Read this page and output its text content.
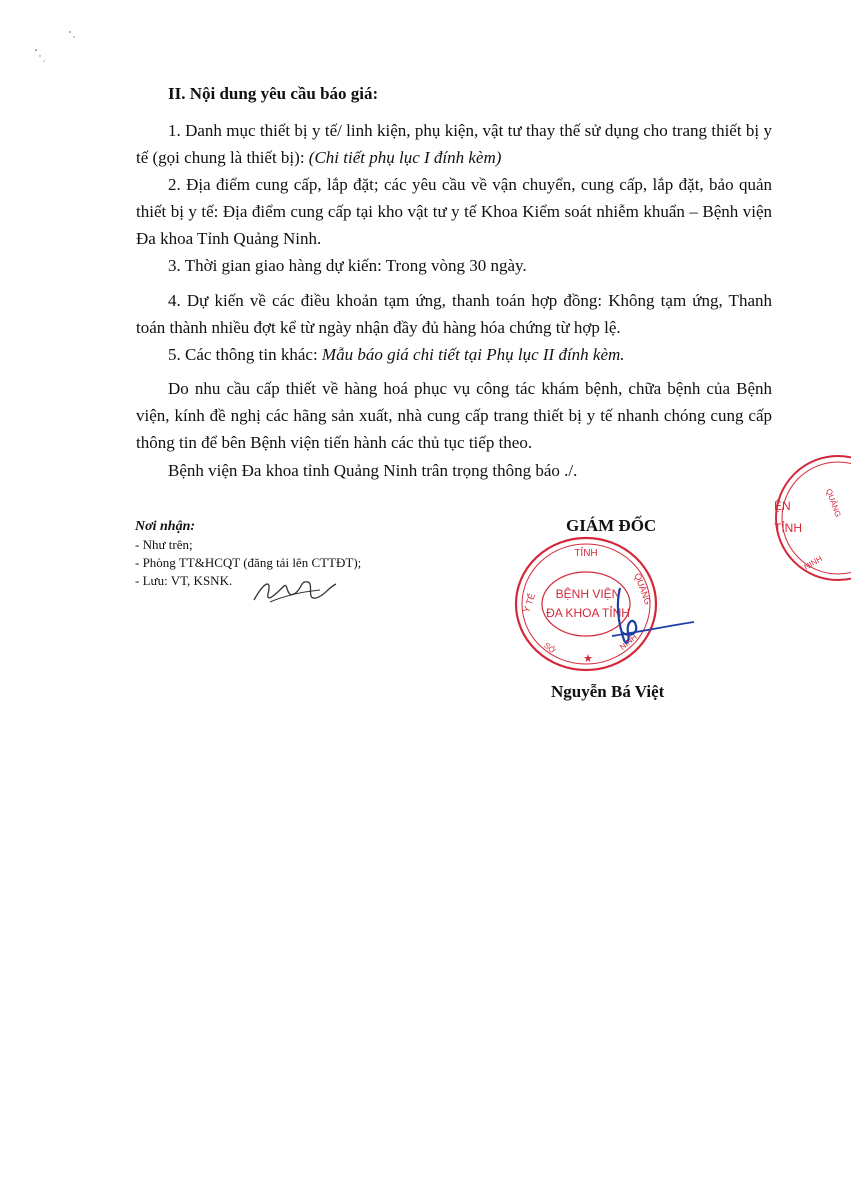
II. Nội dung yêu cầu báo giá:
1. Danh mục thiết bị y tế/ linh kiện, phụ kiện, vật tư thay thế sử dụng cho trang thiết bị y tế (gọi chung là thiết bị): (Chi tiết phụ lục I đính kèm)
2. Địa điểm cung cấp, lắp đặt; các yêu cầu về vận chuyển, cung cấp, lắp đặt, bảo quản thiết bị y tế: Địa điểm cung cấp tại kho vật tư y tế Khoa Kiểm soát nhiễm khuẩn – Bệnh viện Đa khoa Tỉnh Quảng Ninh.
3. Thời gian giao hàng dự kiến: Trong vòng 30 ngày.
4. Dự kiến về các điều khoản tạm ứng, thanh toán hợp đồng: Không tạm ứng, Thanh toán thành nhiều đợt kể từ ngày nhận đầy đủ hàng hóa chứng từ hợp lệ.
5. Các thông tin khác: Mẫu báo giá chi tiết tại Phụ lục II đính kèm.
Do nhu cầu cấp thiết về hàng hoá phục vụ công tác khám bệnh, chữa bệnh của Bệnh viện, kính đề nghị các hãng sản xuất, nhà cung cấp trang thiết bị y tế nhanh chóng cung cấp thông tin để bên Bệnh viện tiến hành các thủ tục tiếp theo.
Bệnh viện Đa khoa tỉnh Quảng Ninh trân trọng thông báo ./.
Nơi nhận:
- Như trên;
- Phòng TT&HCQT (đăng tải lên CTTĐT);
- Lưu: VT, KSNK.
GIÁM ĐỐC
TỈNH
Y TẾ	QUẢNG
NINH
SỞ
BỆNH VIỆN
ĐA KHOA TỈNH
★
ỆN
TỈNH
QUẢNG
NINH
Nguyễn Bá Việt
